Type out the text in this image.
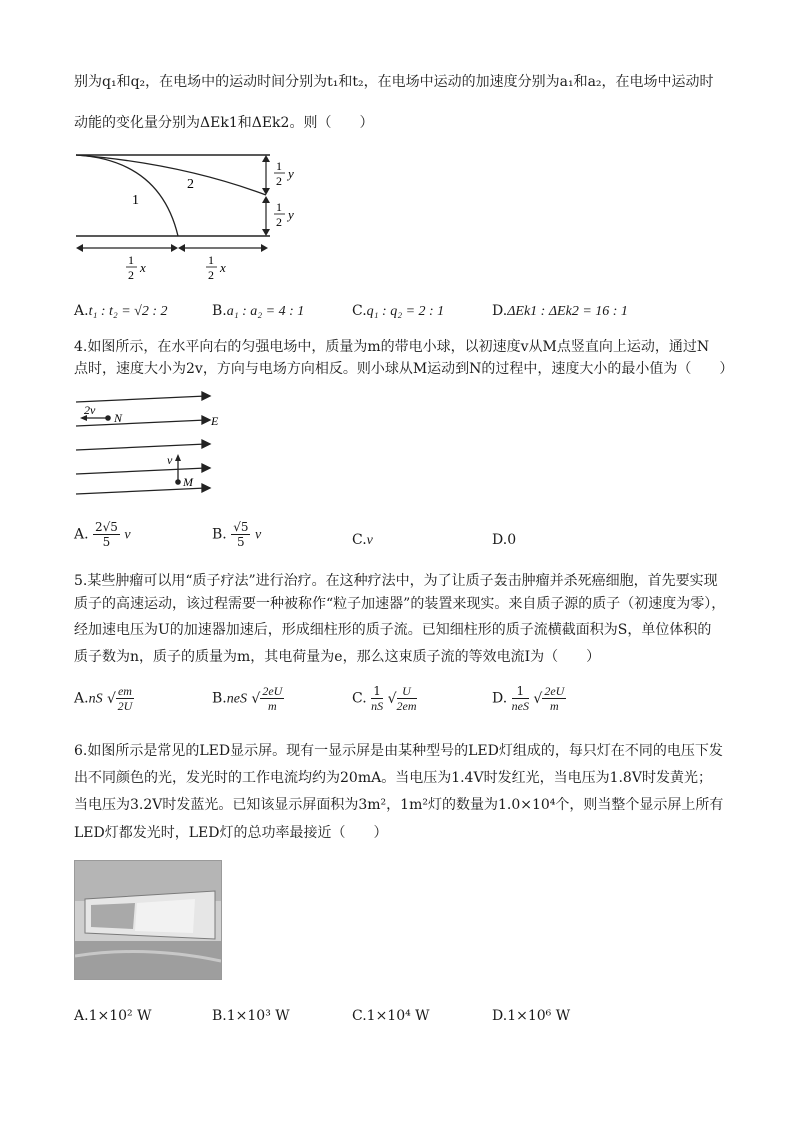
别为q₁和q₂，在电场中的运动时间分别为t₁和t₂，在电场中运动的加速度分别为a₁和a₂，在电场中运动时
动能的变化量分别为ΔEk1和ΔEk2。则（　　）
1
2
1
2 y
1
2 y
1
2 x	1
2 x
A.t₁ : t₂ = √2 : 2	B.a₁ : a₂ = 4 : 1	C.q₁ : q₂ = 2 : 1	D.ΔEk1 : ΔEk2 = 16 : 1
4.如图所示，在水平向右的匀强电场中，质量为m的带电小球，以初速度v从M点竖直向上运动，通过N
点时，速度大小为2v，方向与电场方向相反。则小球从M运动到N的过程中，速度大小的最小值为（　　）
2v
N	E
v
M
A. $\frac{2√5}{5}$ v	B. $\frac{√5}{5}$ v	C.v	D.0
5.某些肿瘤可以用“质子疗法”进行治疗。在这种疗法中，为了让质子轰击肿瘤并杀死癌细胞，首先要实现
质子的高速运动，该过程需要一种被称作“粒子加速器”的装置来现实。来自质子源的质子（初速度为零），
经加速电压为U的加速器加速后，形成细柱形的质子流。已知细柱形的质子流横截面积为S，单位体积的
质子数为n，质子的质量为m，其电荷量为e，那么这束质子流的等效电流I为（　　）
A.nS √ $\frac{em}{2U}$	B.neS √ $\frac{2eU}{m}$	C. $\frac{1}{nS}$ √ $\frac{U}{2em}$	D. $\frac{1}{\text{neS}}$ √ $\frac{2eU}{m}$
6.如图所示是常见的LED显示屏。现有一显示屏是由某种型号的LED灯组成的，每只灯在不同的电压下发
出不同颜色的光，发光时的工作电流均约为20mA。当电压为1.4V时发红光，当电压为1.8V时发黄光；
当电压为3.2V时发蓝光。已知该显示屏面积为3m²，1m²灯的数量为1.0×10⁴个，则当整个显示屏上所有
LED灯都发光时，LED灯的总功率最接近（　　）
A.1×10² W	B.1×10³ W	C.1×10⁴ W	D.1×10⁶ W
